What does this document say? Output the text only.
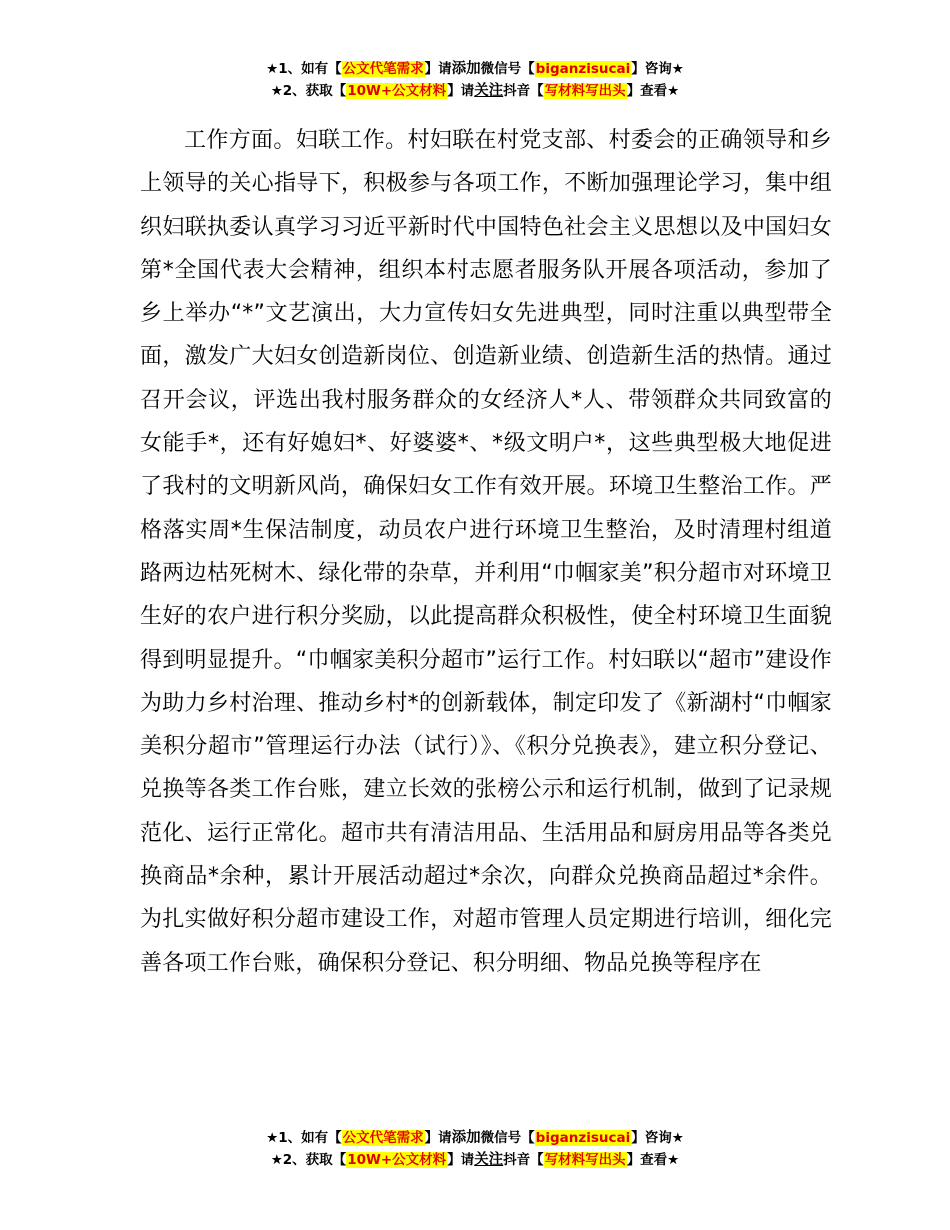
★1、如有【公文代笔需求】请添加微信号【biganzisucai】咨询★
★2、获取【10W+公文材料】请关注抖音【写材料写出头】查看★

工作方面。妇联工作。村妇联在村党支部、村委会的正确领导和乡上领导的关心指导下，积极参与各项工作，不断加强理论学习，集中组织妇联执委认真学习习近平新时代中国特色社会主义思想以及中国妇女第*全国代表大会精神，组织本村志愿者服务队开展各项活动，参加了乡上举办“*”文艺演出，大力宣传妇女先进典型，同时注重以典型带全面，激发广大妇女创造新岗位、创造新业绩、创造新生活的热情。通过召开会议，评选出我村服务群众的女经济人*人、带领群众共同致富的女能手*，还有好媳妇*、好婆婆*、*级文明户*，这些典型极大地促进了我村的文明新风尚，确保妇女工作有效开展。环境卫生整治工作。严格落实周*生保洁制度，动员农户进行环境卫生整治，及时清理村组道路两边枯死树木、绿化带的杂草，并利用“巾帼家美”积分超市对环境卫生好的农户进行积分奖励，以此提高群众积极性，使全村环境卫生面貌得到明显提升。“巾帼家美积分超市”运行工作。村妇联以“超市”建设作为助力乡村治理、推动乡村*的创新载体，制定印发了《新湖村“巾帼家美积分超市”管理运行办法（试行）》、《积分兑换表》，建立积分登记、兑换等各类工作台账，建立长效的张榜公示和运行机制，做到了记录规范化、运行正常化。超市共有清洁用品、生活用品和厨房用品等各类兑换商品*余种，累计开展活动超过*余次，向群众兑换商品超过*余件。为扎实做好积分超市建设工作，对超市管理人员定期进行培训，细化完善各项工作台账，确保积分登记、积分明细、物品兑换等程序在

★1、如有【公文代笔需求】请添加微信号【biganzisucai】咨询★
★2、获取【10W+公文材料】请关注抖音【写材料写出头】查看★
